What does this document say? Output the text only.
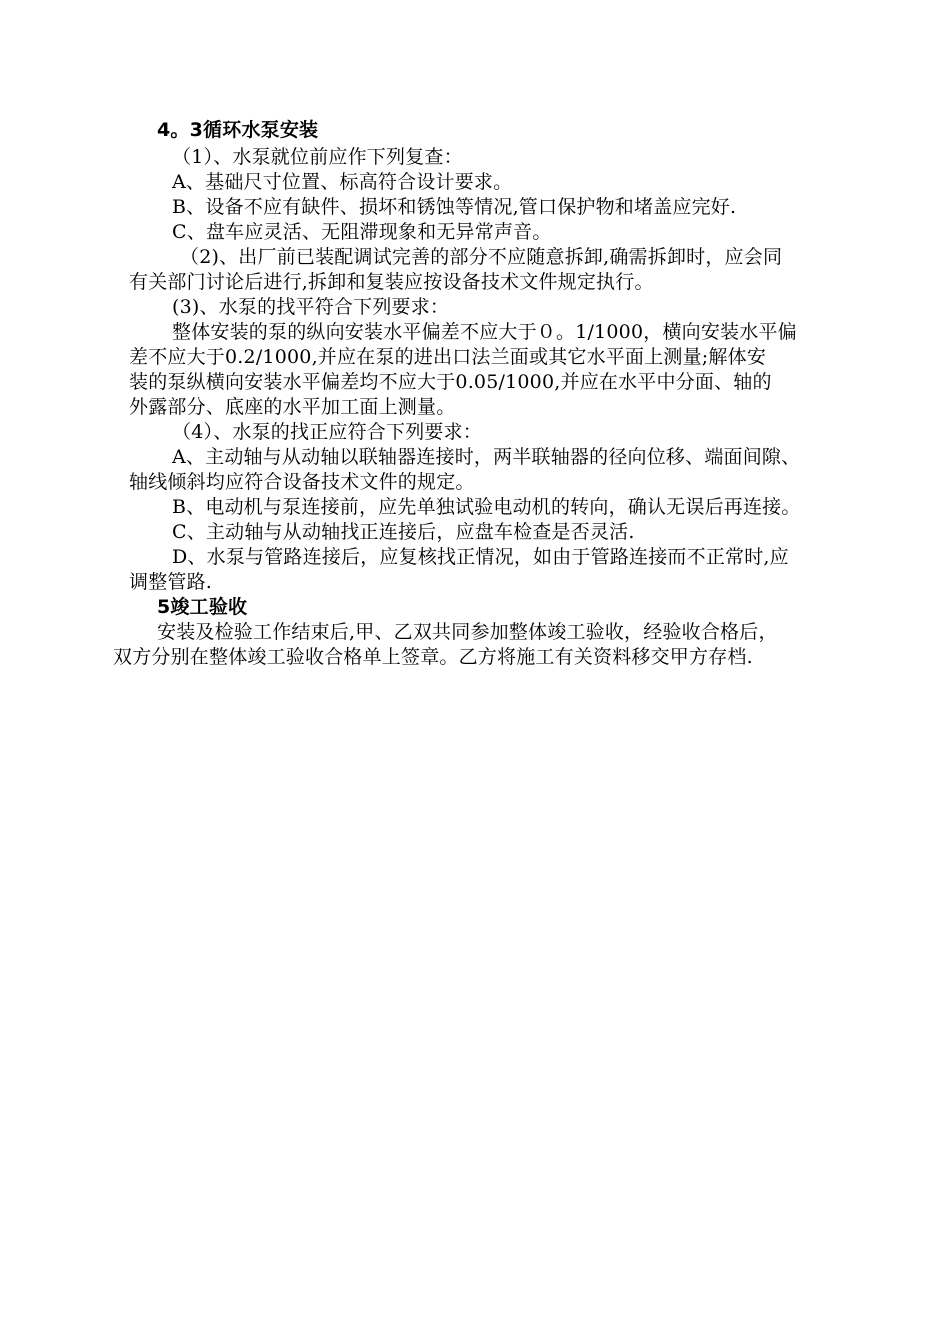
4。3循环水泵安装
（1）、水泵就位前应作下列复查：
A、基础尺寸位置、标高符合设计要求。
B、设备不应有缺件、损坏和锈蚀等情况,管口保护物和堵盖应完好.
C、盘车应灵活、无阻滞现象和无异常声音。
（2)、出厂前已装配调试完善的部分不应随意拆卸,确需拆卸时，应会同
有关部门讨论后进行,拆卸和复装应按设备技术文件规定执行。
(3)、水泵的找平符合下列要求：
整体安装的泵的纵向安装水平偏差不应大于０。1/1000，横向安装水平偏
差不应大于0.2/1000,并应在泵的进出口法兰面或其它水平面上测量;解体安
装的泵纵横向安装水平偏差均不应大于0.05/1000,并应在水平中分面、轴的
外露部分、底座的水平加工面上测量。
（4）、水泵的找正应符合下列要求：
A、主动轴与从动轴以联轴器连接时，两半联轴器的径向位移、端面间隙、
轴线倾斜均应符合设备技术文件的规定。
B、电动机与泵连接前，应先单独试验电动机的转向，确认无误后再连接。
C、主动轴与从动轴找正连接后，应盘车检查是否灵活.
D、水泵与管路连接后，应复核找正情况，如由于管路连接而不正常时,应
调整管路.
5竣工验收
安装及检验工作结束后,甲、乙双共同参加整体竣工验收，经验收合格后，
双方分别在整体竣工验收合格单上签章。乙方将施工有关资料移交甲方存档.
